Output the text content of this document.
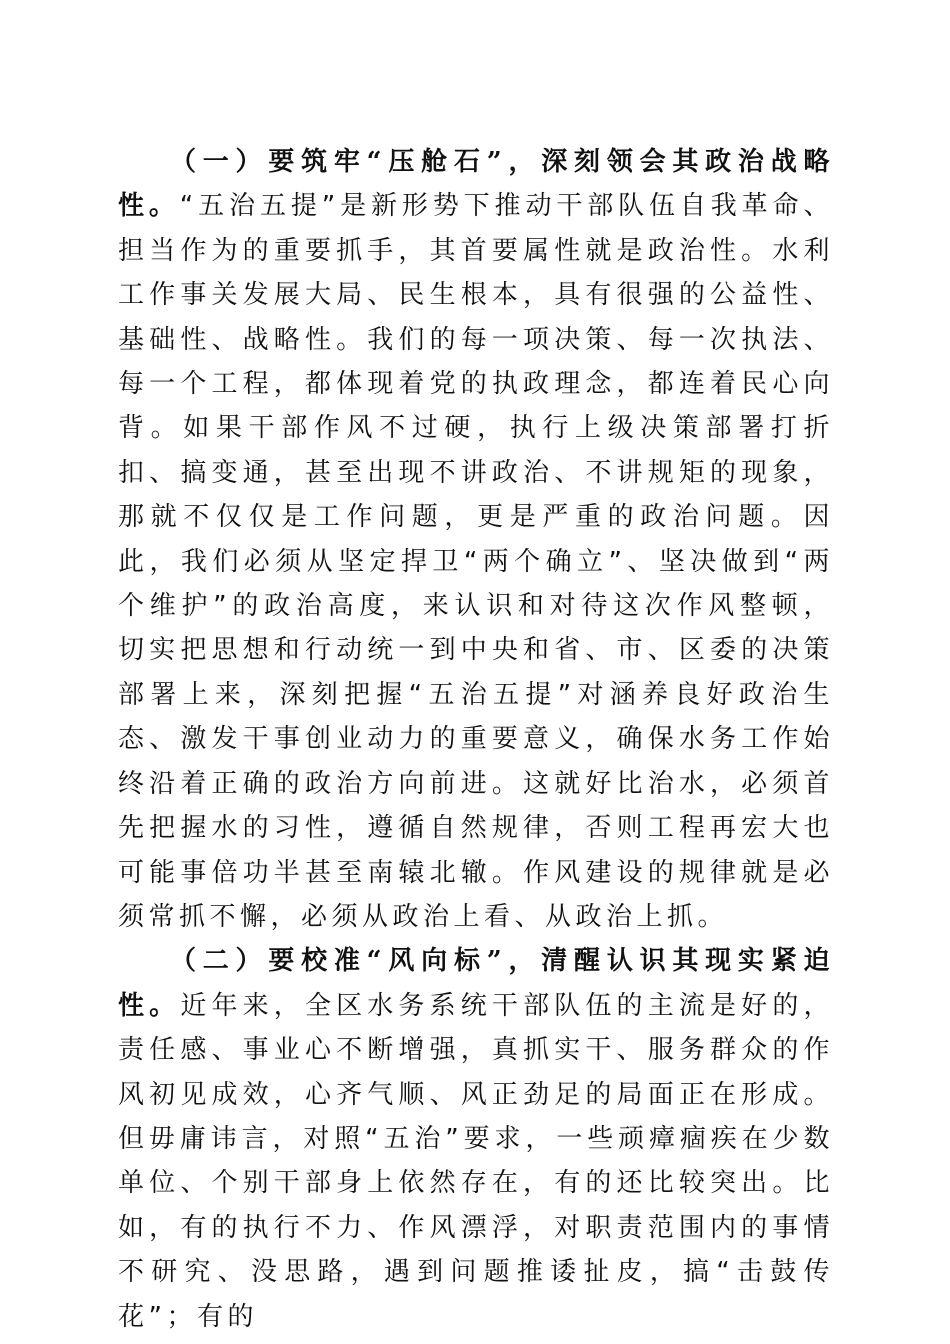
（一）要筑牢“压舱石”，深刻领会其政治战略性。“五治五提”是新形势下推动干部队伍自我革命、担当作为的重要抓手，其首要属性就是政治性。水利工作事关发展大局、民生根本，具有很强的公益性、基础性、战略性。我们的每一项决策、每一次执法、每一个工程，都体现着党的执政理念，都连着民心向背。如果干部作风不过硬，执行上级决策部署打折扣、搞变通，甚至出现不讲政治、不讲规矩的现象，那就不仅仅是工作问题，更是严重的政治问题。因此，我们必须从坚定捍卫“两个确立”、坚决做到“两个维护”的政治高度，来认识和对待这次作风整顿，切实把思想和行动统一到中央和省、市、区委的决策部署上来，深刻把握“五治五提”对涵养良好政治生态、激发干事创业动力的重要意义，确保水务工作始终沿着正确的政治方向前进。这就好比治水，必须首先把握水的习性，遵循自然规律，否则工程再宏大也可能事倍功半甚至南辕北辙。作风建设的规律就是必须常抓不懈，必须从政治上看、从政治上抓。

（二）要校准“风向标”，清醒认识其现实紧迫性。近年来，全区水务系统干部队伍的主流是好的，责任感、事业心不断增强，真抓实干、服务群众的作风初见成效，心齐气顺、风正劲足的局面正在形成。但毋庸讳言，对照“五治”要求，一些顽瘴痼疾在少数单位、个别干部身上依然存在，有的还比较突出。比如，有的执行不力、作风漂浮，对职责范围内的事情不研究、没思路，遇到问题推诿扯皮，搞“击鼓传花”；有的
